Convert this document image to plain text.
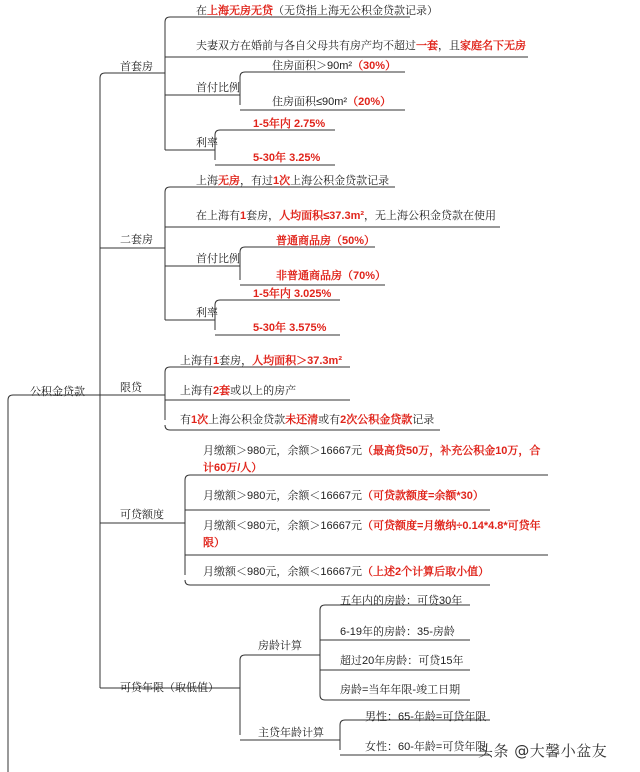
公积金贷款
首套房
在上海无房无贷（无贷指上海无公积金贷款记录）
夫妻双方在婚前与各自父母共有房产均不超过一套，且家庭名下无房
首付比例
住房面积＞90m²（30%）
住房面积≤90m²（20%）
利率
1-5年内 2.75%
5-30年 3.25%
二套房
上海无房，有过1次上海公积金贷款记录
在上海有1套房，人均面积≤37.3m²，无上海公积金贷款在使用
首付比例
普通商品房（50%）
非普通商品房（70%）
利率
1-5年内 3.025%
5-30年 3.575%
限贷
上海有1套房，人均面积＞37.3m²
上海有2套或以上的房产
有1次上海公积金贷款未还清或有2次公积金贷款记录
可贷额度
月缴额＞980元，余额＞16667元（最高贷50万，补充公积金10万，合计60万/人）
月缴额＞980元，余额＜16667元（可贷款额度=余额*30）
月缴额＜980元，余额＞16667元（可贷额度=月缴纳÷0.14*4.8*可贷年限）
月缴额＜980元，余额＜16667元（上述2个计算后取小值）
可贷年限（取低值）
房龄计算
五年内的房龄：可贷30年
6-19年的房龄：35-房龄
超过20年房龄：可贷15年
房龄=当年年限-竣工日期
主贷年龄计算
男性：65-年龄=可贷年限
女性：60-年龄=可贷年限
头条 @大馨小盆友
